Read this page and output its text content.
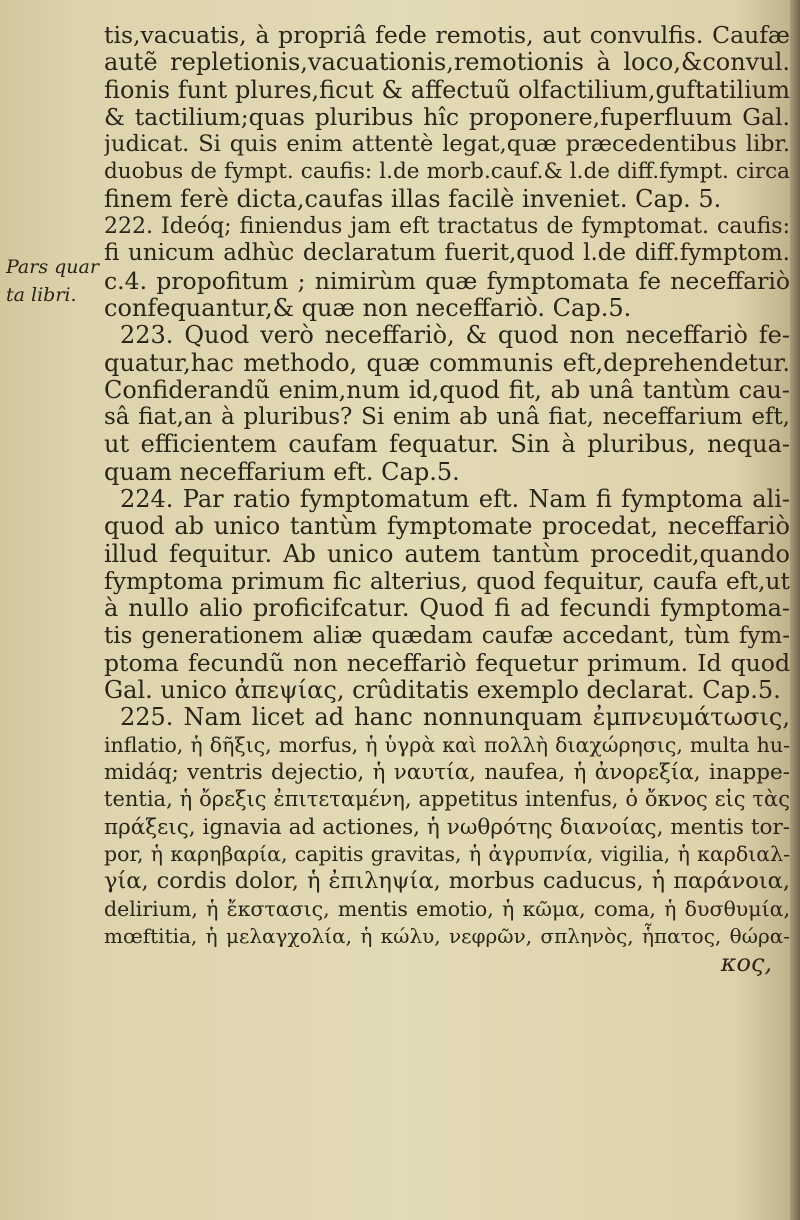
Pars quar
ta libri.
tis,vacuatis, à propriâ fede remotis, aut convulfis. Caufæ
autẽ repletionis,vacuationis,remotionis à loco,&convul.
fionis funt plures,ficut & affectuũ olfactilium,guftatilium
& tactilium;quas pluribus hîc proponere,fuperfluum Gal.
judicat. Si quis enim attentè legat,quæ præcedentibus libr.
duobus de fympt. caufis: l.de morb.cauf.& l.de diff.fympt. circa
finem ferè dicta,caufas illas facilè inveniet. Cap. 5.
222. Ideóq; finiendus jam eft tractatus de fymptomat. caufis:
fi unicum adhùc declaratum fuerit,quod l.de diff.fymptom.
c.4. propofitum ; nimirùm quæ fymptomata fe neceffariò
confequantur,& quæ non neceffariò. Cap.5.
223. Quod verò neceffariò, & quod non neceffariò fe-
quatur,hac methodo, quæ communis eft,deprehendetur.
Confiderandũ enim,num id,quod fit, ab unâ tantùm cau-
sâ fiat,an à pluribus? Si enim ab unâ fiat, neceffarium eft,
ut efficientem caufam fequatur. Sin à pluribus, nequa-
quam neceffarium eft. Cap.5.
224. Par ratio fymptomatum eft. Nam fi fymptoma ali-
quod ab unico tantùm fymptomate procedat, neceffariò
illud fequitur. Ab unico autem tantùm procedit,quando
fymptoma primum fic alterius, quod fequitur, caufa eft,ut
à nullo alio proficifcatur. Quod fi ad fecundi fymptoma-
tis generationem aliæ quædam caufæ accedant, tùm fym-
ptoma fecundũ non neceffariò fequetur primum. Id quod
Gal. unico ἀπεψίας, crûditatis exemplo declarat. Cap.5.
225. Nam licet ad hanc nonnunquam ἐμπνευμάτωσις,
inflatio, ἡ δῆξις, morfus, ἡ ὑγρὰ καὶ πολλὴ διαχώρησις, multa hu-
midáq; ventris dejectio, ἡ ναυτία, naufea, ἡ ἀνορεξία, inappe-
tentia, ἡ ὄρεξις ἐπιτεταμένη, appetitus intenfus, ὁ ὄκνος εἰς τὰς
πράξεις, ignavia ad actiones, ἡ νωθρότης διανοίας, mentis tor-
por, ἡ καρηβαρία, capitis gravitas, ἡ ἀγρυπνία, vigilia, ἡ καρδιαλ-
γία, cordis dolor, ἡ ἐπιληψία, morbus caducus, ἡ παράνοια,
delirium, ἡ ἔκστασις, mentis emotio, ἡ κῶμα, coma, ἡ δυσθυμία,
mœftitia, ἡ μελαγχολία, ἡ κώλυ, νεφρῶν, σπληνὸς, ἧπατος, θώρα-
κος,
